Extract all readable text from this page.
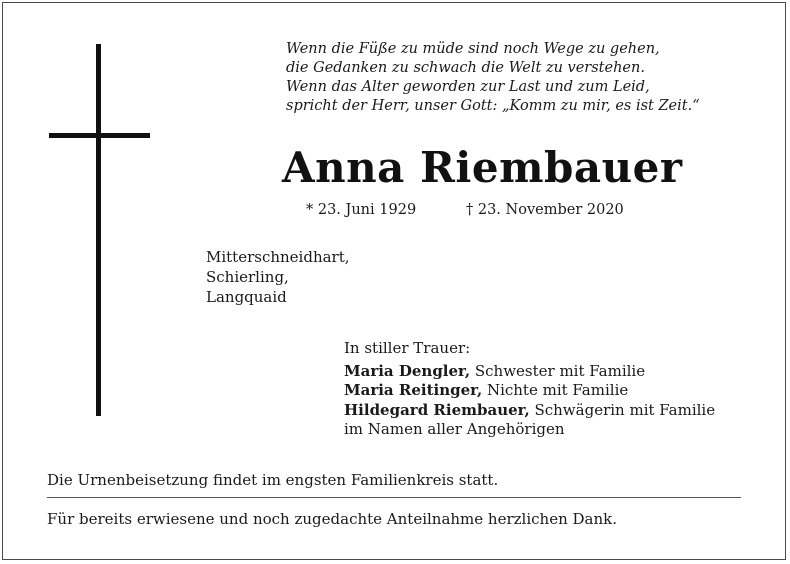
Wenn die Füße zu müde sind noch Wege zu gehen,
die Gedanken zu schwach die Welt zu verstehen.
Wenn das Alter geworden zur Last und zum Leid,
spricht der Herr, unser Gott: „Komm zu mir, es ist Zeit.“
Anna Riembauer
* 23. Juni 1929	† 23. November 2020
Mitterschneidhart,
Schierling,
Langquaid
In stiller Trauer:
Maria Dengler, Schwester mit Familie
Maria Reitinger, Nichte mit Familie
Hildegard Riembauer, Schwägerin mit Familie
im Namen aller Angehörigen
Die Urnenbeisetzung findet im engsten Familienkreis statt.
Für bereits erwiesene und noch zugedachte Anteilnahme herzlichen Dank.
